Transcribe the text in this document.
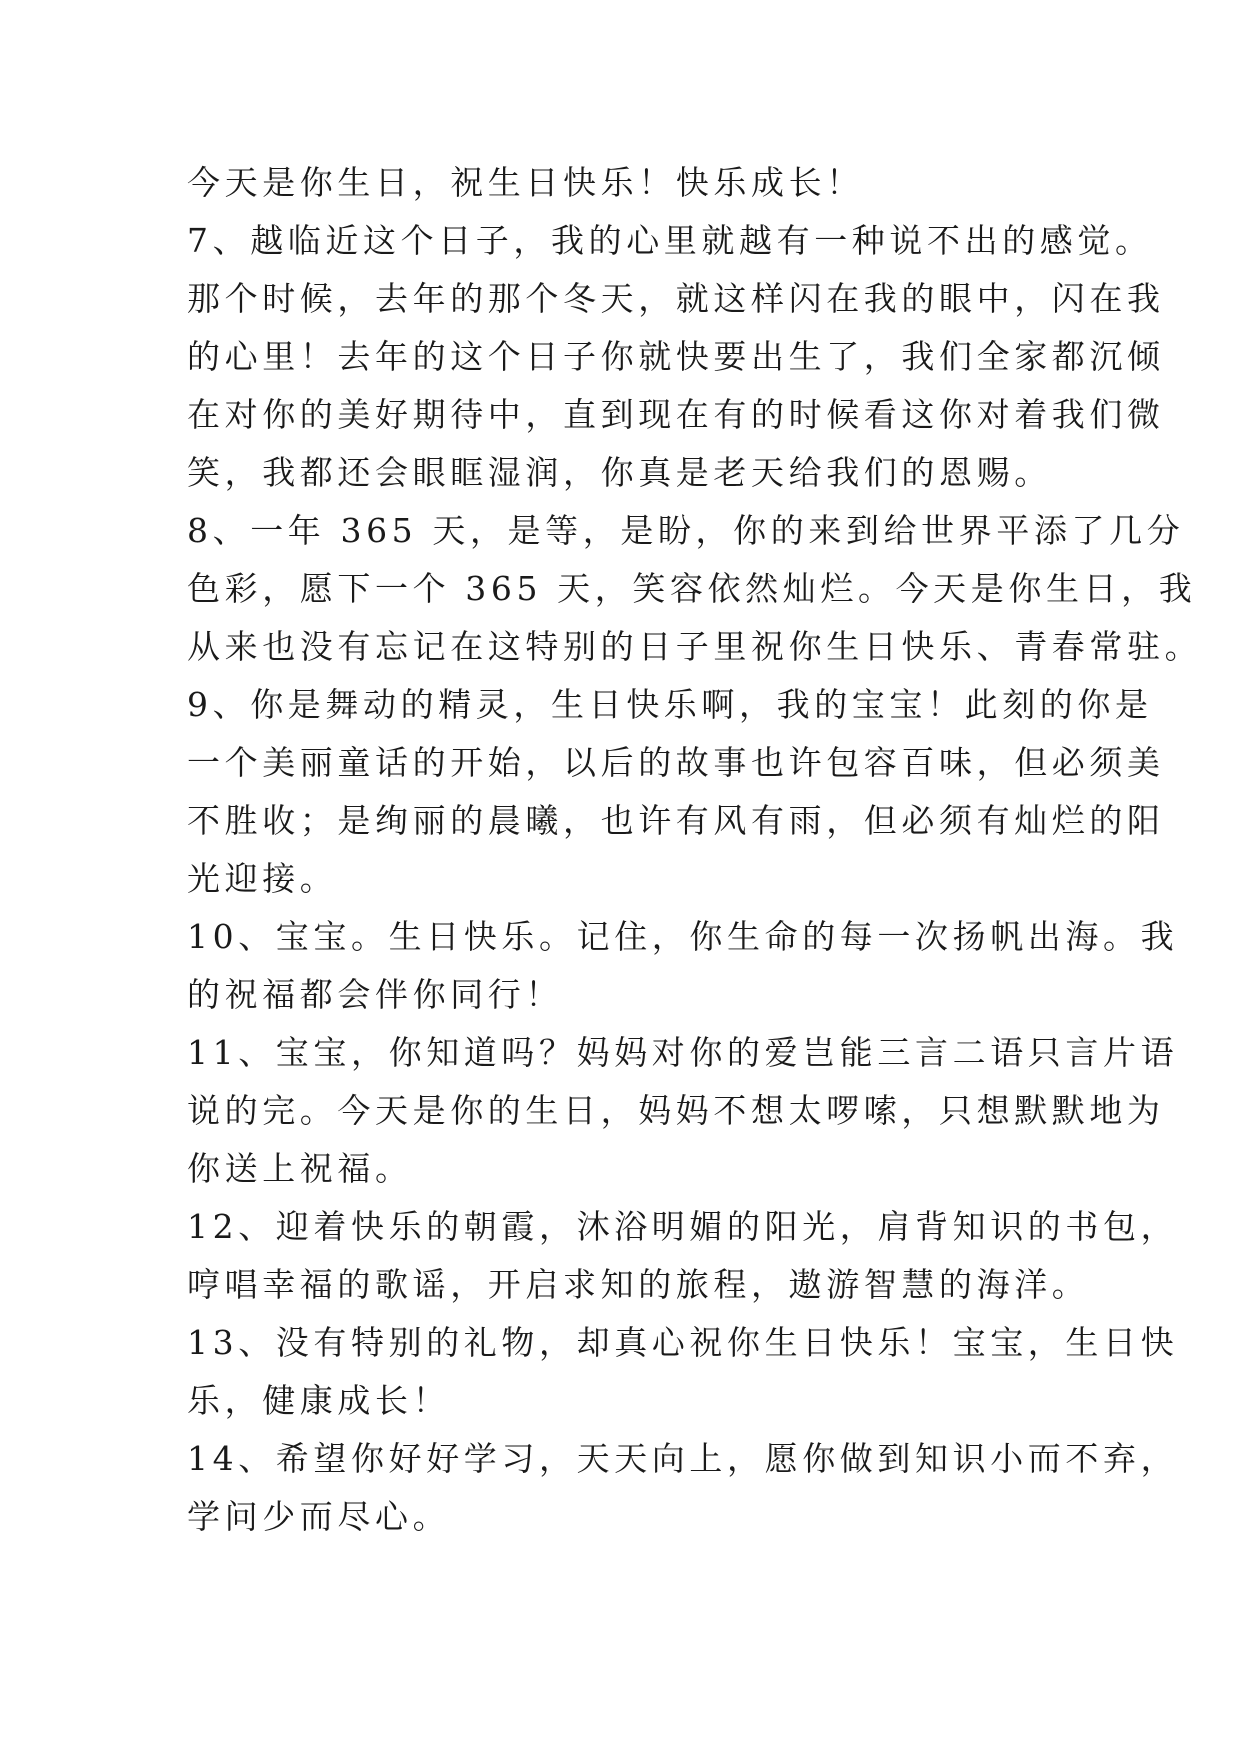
今天是你生日，祝生日快乐！快乐成长！
7、越临近这个日子，我的心里就越有一种说不出的感觉。
那个时候，去年的那个冬天，就这样闪在我的眼中，闪在我
的心里！去年的这个日子你就快要出生了，我们全家都沉倾
在对你的美好期待中，直到现在有的时候看这你对着我们微
笑，我都还会眼眶湿润，你真是老天给我们的恩赐。
8、一年 365 天，是等，是盼，你的来到给世界平添了几分
色彩，愿下一个 365 天，笑容依然灿烂。今天是你生日，我
从来也没有忘记在这特别的日子里祝你生日快乐、青春常驻。
9、你是舞动的精灵，生日快乐啊，我的宝宝！此刻的你是
一个美丽童话的开始，以后的故事也许包容百味，但必须美
不胜收；是绚丽的晨曦，也许有风有雨，但必须有灿烂的阳
光迎接。
10、宝宝。生日快乐。记住，你生命的每一次扬帆出海。我
的祝福都会伴你同行！
11、宝宝，你知道吗？妈妈对你的爱岂能三言二语只言片语
说的完。今天是你的生日，妈妈不想太啰嗦，只想默默地为
你送上祝福。
12、迎着快乐的朝霞，沐浴明媚的阳光，肩背知识的书包，
哼唱幸福的歌谣，开启求知的旅程，遨游智慧的海洋。
13、没有特别的礼物，却真心祝你生日快乐！宝宝，生日快
乐，健康成长！
14、希望你好好学习，天天向上，愿你做到知识小而不弃，
学问少而尽心。
